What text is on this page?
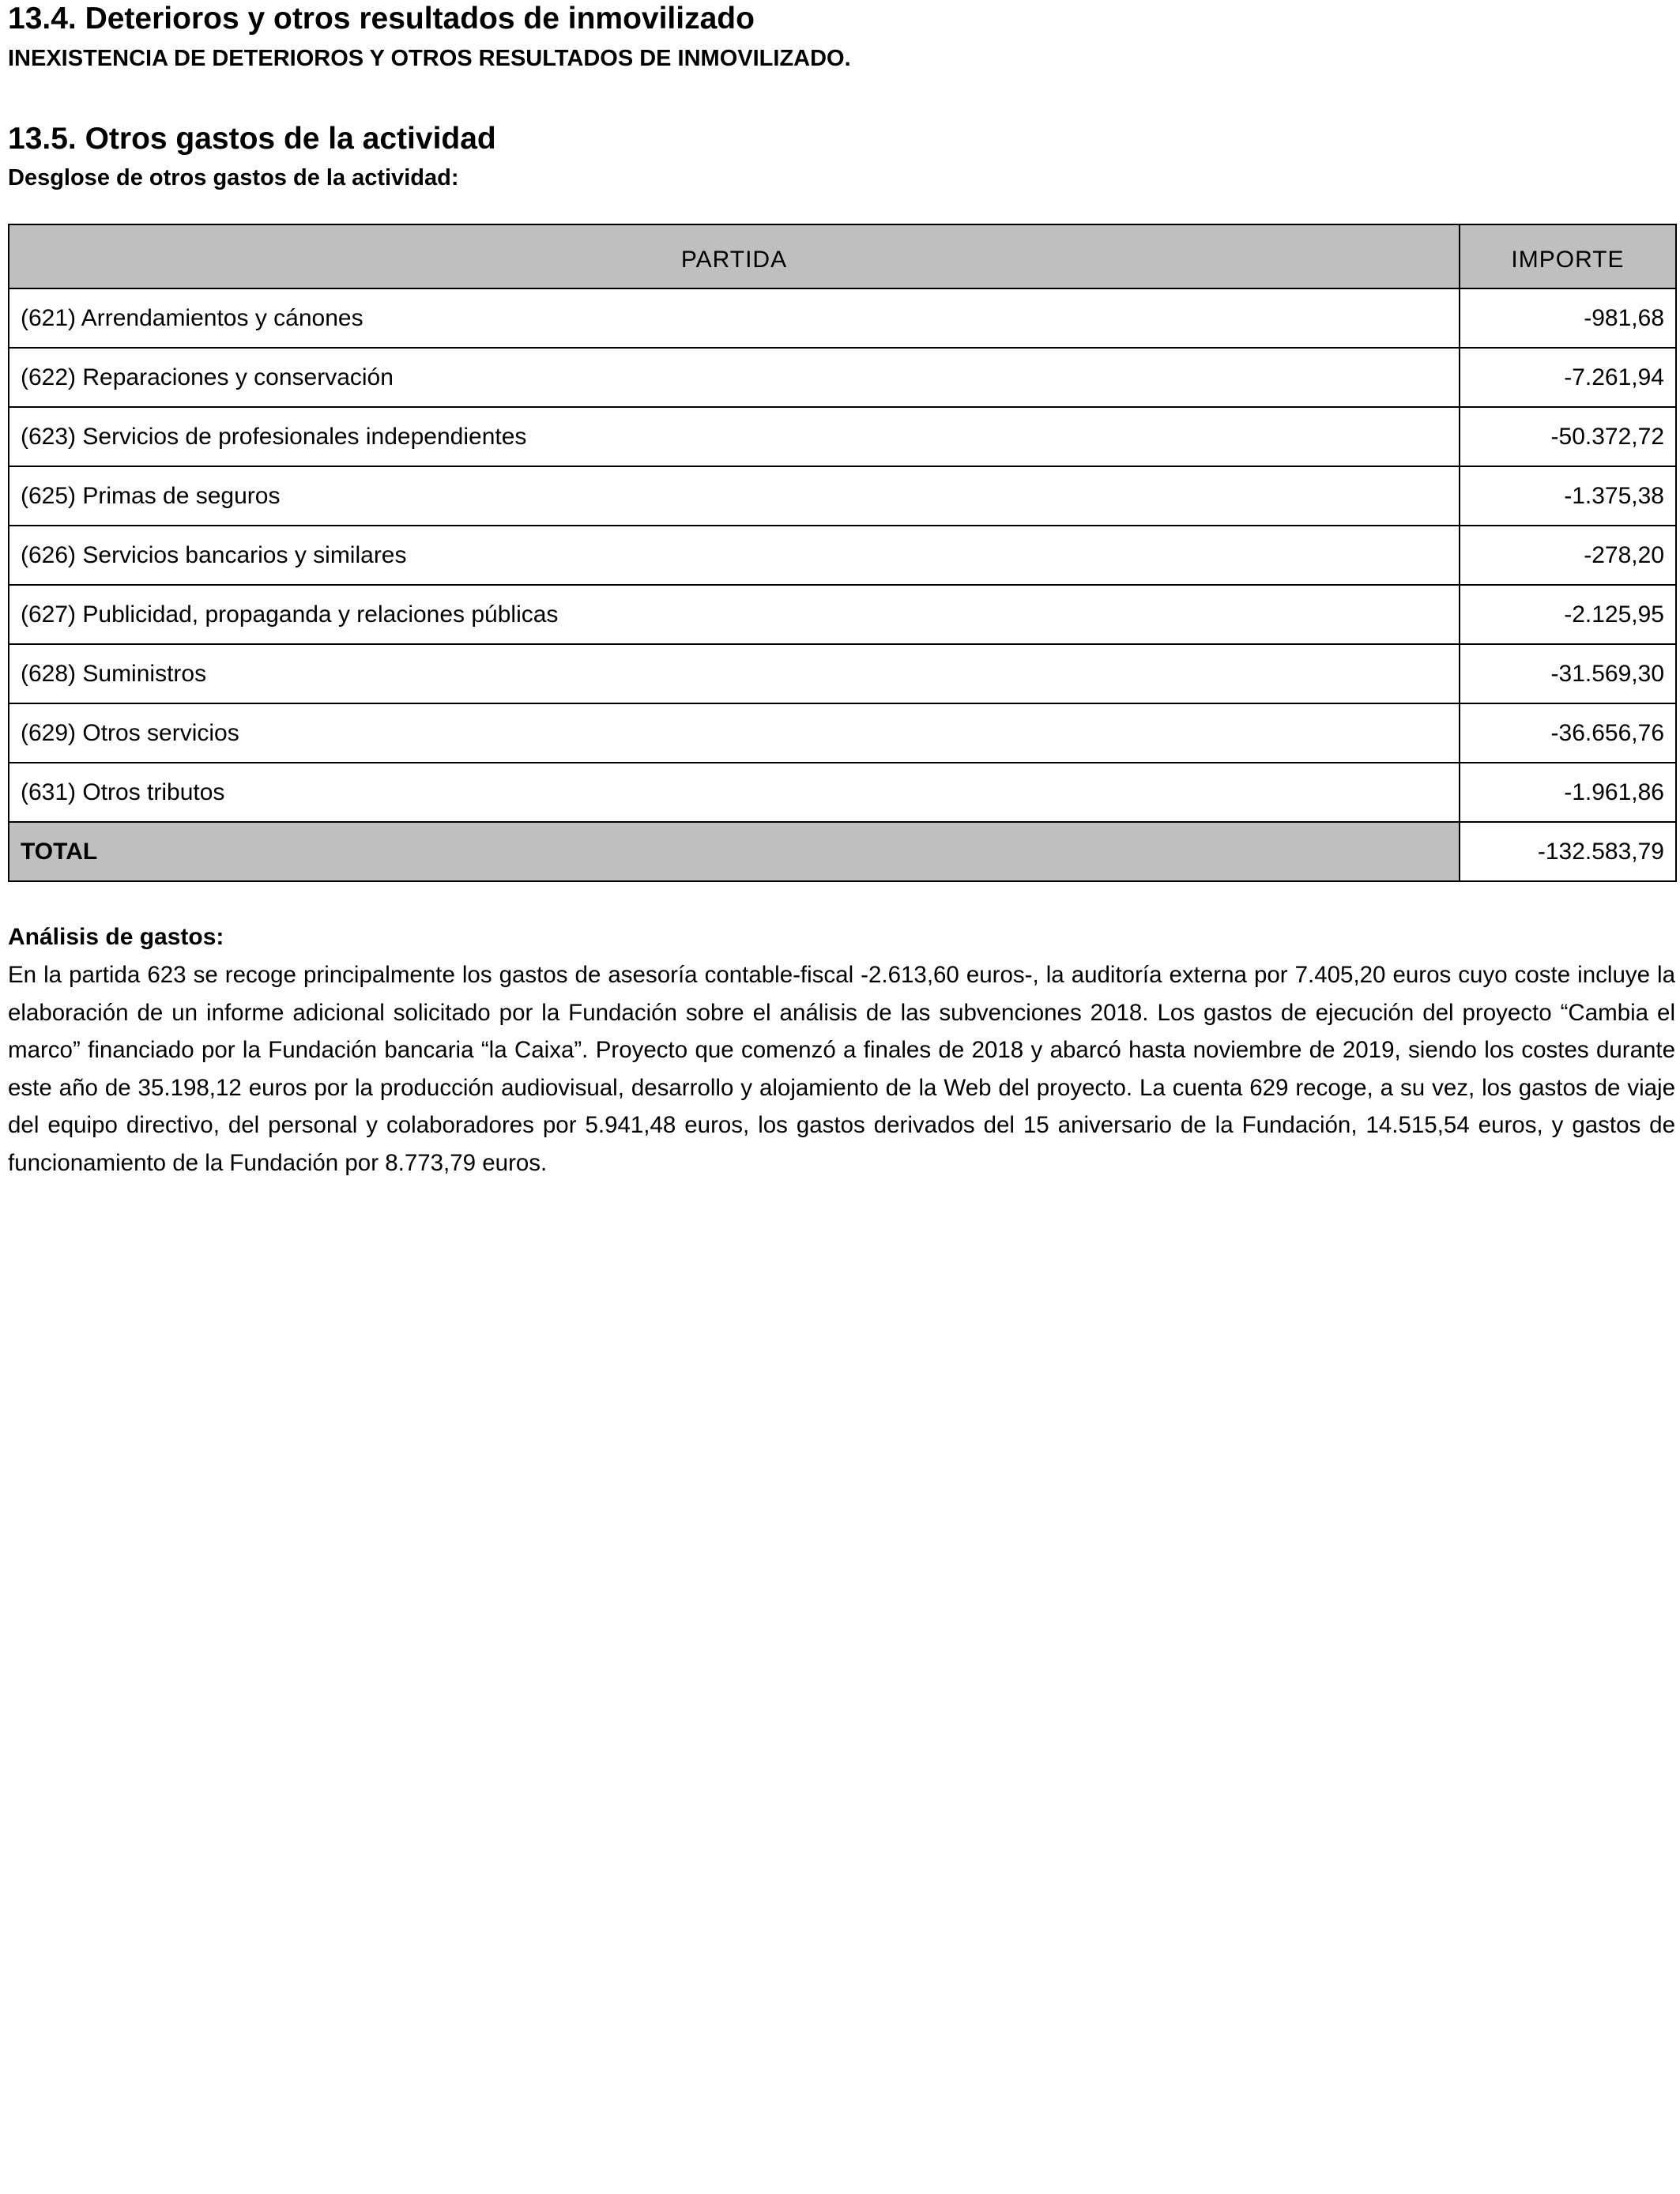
13.4. Deterioros y otros resultados de inmovilizado
INEXISTENCIA DE DETERIOROS Y OTROS RESULTADOS DE INMOVILIZADO.
13.5. Otros gastos de la actividad
Desglose de otros gastos de la actividad:
PARTIDA	IMPORTE
(621) Arrendamientos y cánones	-981,68
(622) Reparaciones y conservación	-7.261,94
(623) Servicios de profesionales independientes	-50.372,72
(625) Primas de seguros	-1.375,38
(626) Servicios bancarios y similares	-278,20
(627) Publicidad, propaganda y relaciones públicas	-2.125,95
(628) Suministros	-31.569,30
(629) Otros servicios	-36.656,76
(631) Otros tributos	-1.961,86
TOTAL	-132.583,79
Análisis de gastos:

En la partida 623 se recoge principalmente los gastos de asesoría contable-fiscal -2.613,60 euros-, la auditoría externa por 7.405,20 euros cuyo coste incluye la elaboración de un informe adicional solicitado por la Fundación sobre el análisis de las subvenciones 2018. Los gastos de ejecución del proyecto “Cambia el marco” financiado por la Fundación bancaria “la Caixa”. Proyecto que comenzó a finales de 2018 y abarcó hasta noviembre de 2019, siendo los costes durante este año de 35.198,12 euros por la producción audiovisual, desarrollo y alojamiento de la Web del proyecto. La cuenta 629 recoge, a su vez, los gastos de viaje del equipo directivo, del personal y colaboradores por 5.941,48 euros, los gastos derivados del 15 aniversario de la Fundación, 14.515,54 euros, y gastos de funcionamiento de la Fundación por 8.773,79 euros.
